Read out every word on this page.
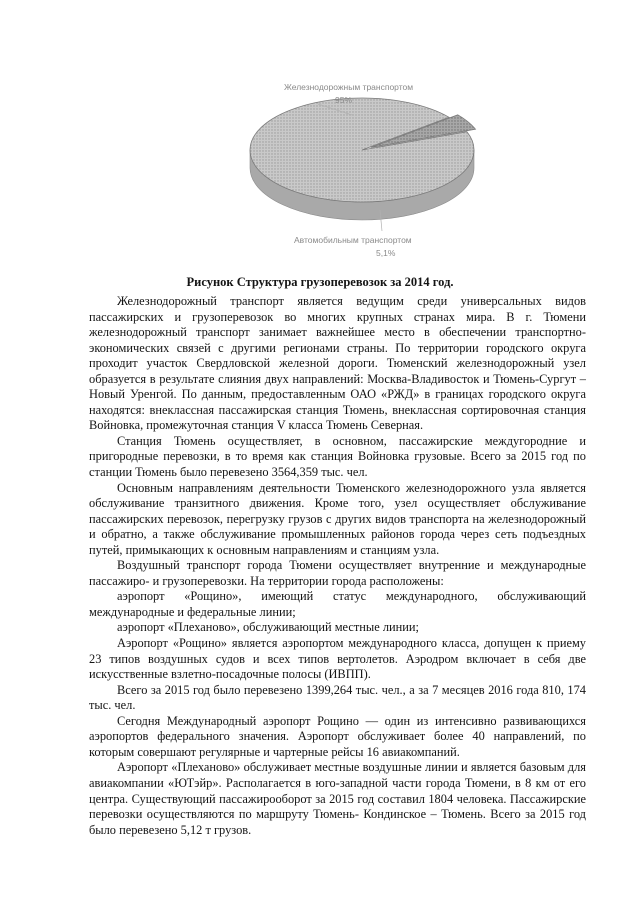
Железнодорожным транспортом
95%
Автомобильным транспортом
5,1%
Рисунок Структура грузоперевозок за 2014 год.

Железнодорожный транспорт является ведущим среди универсальных видов пассажирских и грузоперевозок во многих крупных странах мира. В г. Тюмени железнодорожный транспорт занимает важнейшее место в обеспечении транспортно-экономических связей с другими регионами страны. По территории городского округа проходит участок Свердловской железной дороги. Тюменский железнодорожный узел образуется в результате слияния двух направлений: Москва-Владивосток и Тюмень-Сургут – Новый Уренгой. По данным, предоставленным ОАО «РЖД» в границах городского округа находятся: внеклассная пассажирская станция Тюмень, внеклассная сортировочная станция Войновка, промежуточная станция V класса Тюмень Северная.

Станция Тюмень осуществляет, в основном, пассажирские междугородние и пригородные перевозки, в то время как станция Войновка грузовые. Всего за 2015 год по станции Тюмень было перевезено 3564,359 тыс. чел.

Основным направлениям деятельности Тюменского железнодорожного узла является обслуживание транзитного движения. Кроме того, узел осуществляет обслуживание пассажирских перевозок, перегрузку грузов с других видов транспорта на железнодорожный и обратно, а также обслуживание промышленных районов города через сеть подъездных путей, примыкающих к основным направлениям и станциям узла.

Воздушный транспорт города Тюмени осуществляет внутренние и международные пассажиро- и грузоперевозки. На территории города расположены:

аэропорт «Рощино», имеющий статус международного, обслуживающий международные и федеральные линии;

аэропорт «Плеханово», обслуживающий местные линии;

Аэропорт «Рощино» является аэропортом международного класса, допущен к приему 23 типов воздушных судов и всех типов вертолетов. Аэродром включает в себя две искусственные взлетно-посадочные полосы (ИВПП).

Всего за 2015 год было перевезено 1399,264 тыс. чел., а за 7 месяцев 2016 года 810, 174 тыс. чел.

Сегодня Международный аэропорт Рощино — один из интенсивно развивающихся аэропортов федерального значения. Аэропорт обслуживает более 40 направлений, по которым совершают регулярные и чартерные рейсы 16 авиакомпаний.

Аэропорт «Плеханово» обслуживает местные воздушные линии и является базовым для авиакомпании «ЮТэйр». Располагается в юго-западной части города Тюмени, в 8 км от его центра. Существующий пассажирооборот за 2015 год составил 1804 человека. Пассажирские перевозки осуществляются по маршруту Тюмень- Кондинское – Тюмень. Всего за 2015 год было перевезено 5,12 т грузов.
